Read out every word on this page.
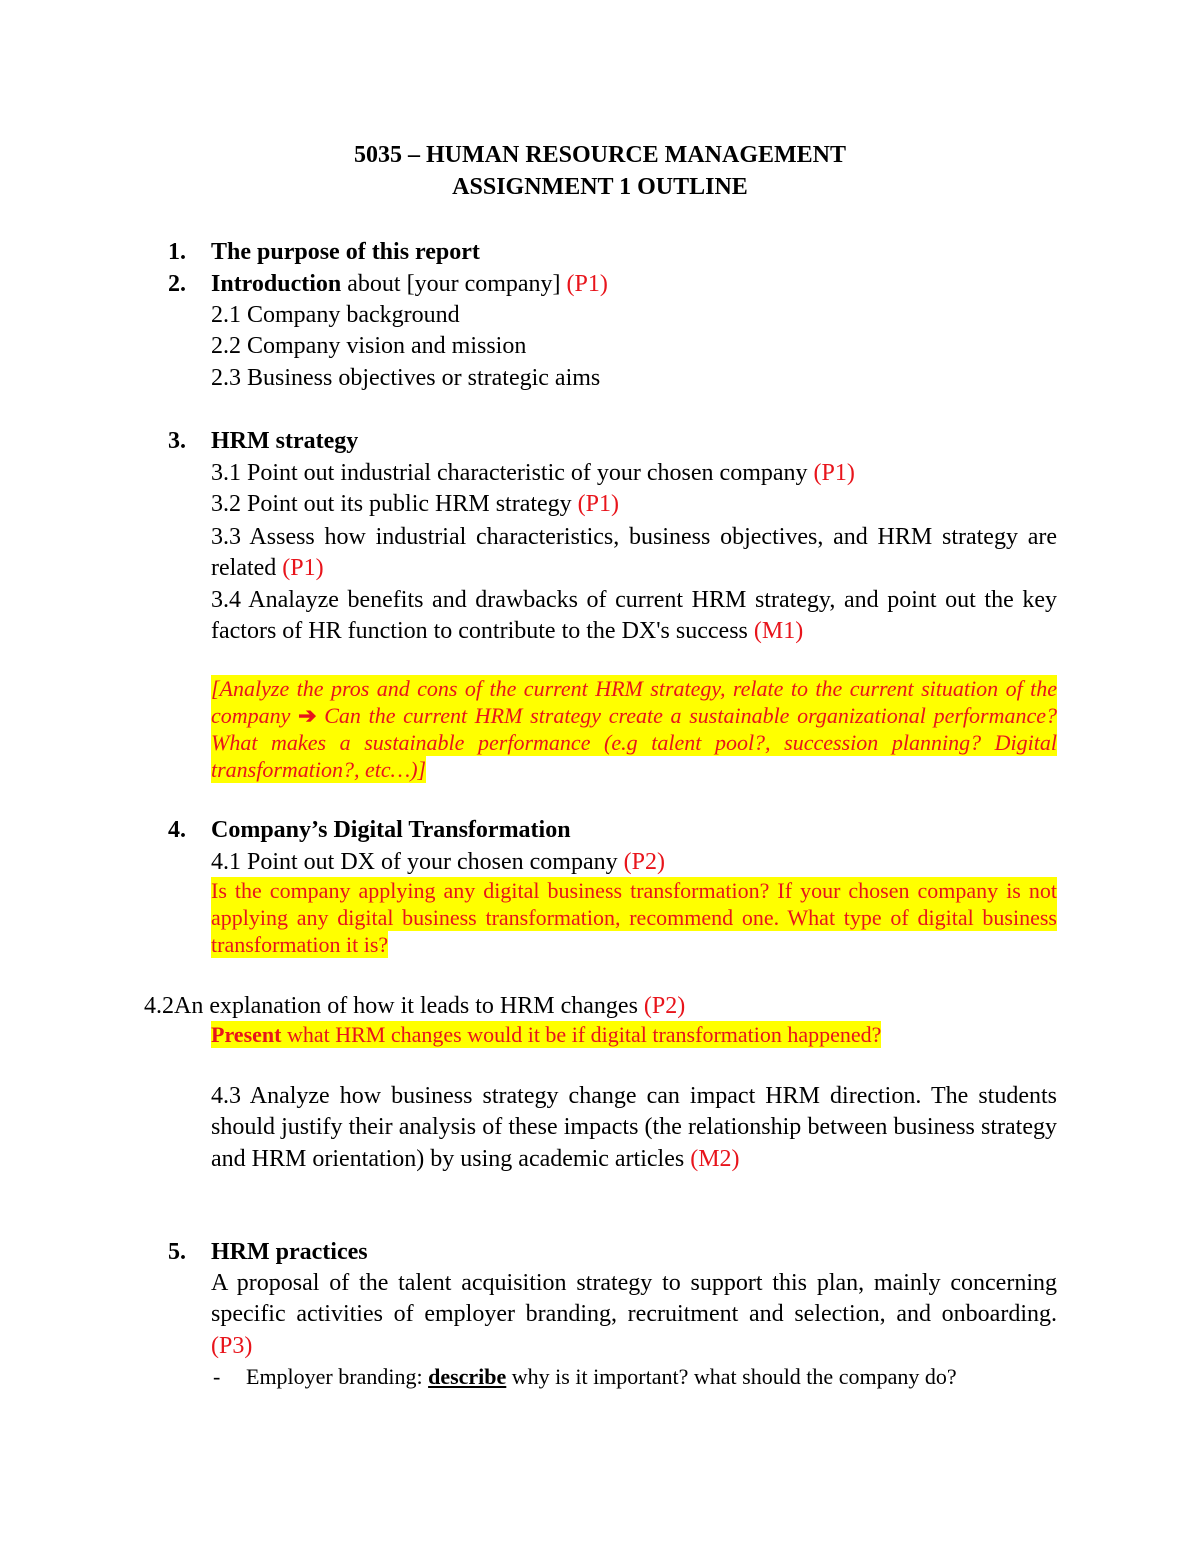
5035 – HUMAN RESOURCE MANAGEMENT
ASSIGNMENT 1 OUTLINE
1. The purpose of this report
2. Introduction about [your company] (P1)
2.1 Company background
2.2 Company vision and mission
2.3 Business objectives or strategic aims
3. HRM strategy
3.1 Point out industrial characteristic of your chosen company (P1)
3.2 Point out its public HRM strategy (P1)
3.3 Assess how industrial characteristics, business objectives, and HRM strategy are related (P1)
3.4 Analayze benefits and drawbacks of current HRM strategy, and point out the key factors of HR function to contribute to the DX's success (M1)
[Analyze the pros and cons of the current HRM strategy, relate to the current situation of the company ➔ Can the current HRM strategy create a sustainable organizational performance? What makes a sustainable performance (e.g talent pool?, succession planning? Digital transformation?, etc…)]
4. Company’s Digital Transformation
4.1 Point out DX of your chosen company (P2)
Is the company applying any digital business transformation? If your chosen company is not applying any digital business transformation, recommend one. What type of digital business transformation it is?
4.2An explanation of how it leads to HRM changes (P2)
Present what HRM changes would it be if digital transformation happened?
4.3 Analyze how business strategy change can impact HRM direction. The students should justify their analysis of these impacts (the relationship between business strategy and HRM orientation) by using academic articles (M2)
5. HRM practices
A proposal of the talent acquisition strategy to support this plan, mainly concerning specific activities of employer branding, recruitment and selection, and onboarding. (P3)
- Employer branding: describe why is it important? what should the company do?
